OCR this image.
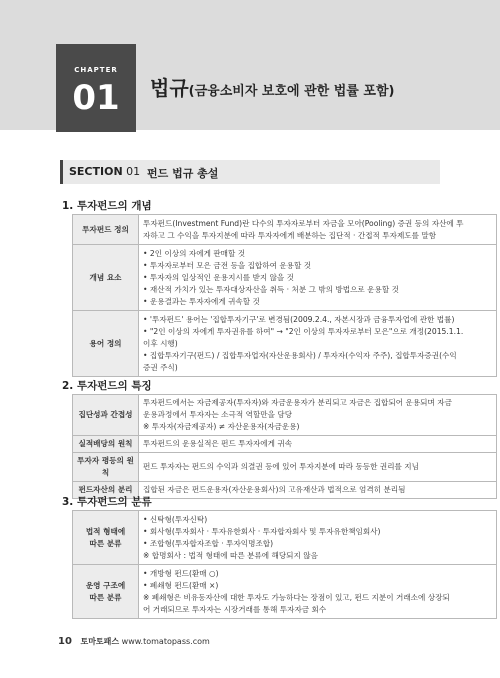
CHAPTER
01	법규(금융소비자 보호에 관한 법률 포함)
SECTION 01 펀드 법규 총설
1. 투자펀드의 개념
투자펀드 정의	투자펀드(Investment Fund)란 다수의 투자자로부터 자금을 모아(Pooling) 증권 등의 자산에 투
자하고 그 수익을 투자지분에 따라 투자자에게 배분하는 집단적 · 간접적 투자제도를 말함

개념 요소	• 2인 이상의 자에게 판매할 것
• 투자자로부터 모은 금전 등을 집합하여 운용할 것
• 투자자의 일상적인 운용지시를 받지 않을 것
• 재산적 가치가 있는 투자대상자산을 취득 · 처분 그 밖의 방법으로 운용할 것
• 운용결과는 투자자에게 귀속할 것

용어 정의	• '투자펀드' 용어는 '집합투자기구'로 변경됨(2009.2.4., 자본시장과 금융투자업에 관한 법률)
• "2인 이상의 자에게 투자권유를 하여" → "2인 이상의 투자자로부터 모은"으로 개정(2015.1.1.
이후 시행)
• 집합투자기구(펀드) / 집합투자업자(자산운용회사) / 투자자(수익자 주주), 집합투자증권(수익
증권 주식)
2. 투자펀드의 특징
집단성과 간접성	투자펀드에서는 자금제공자(투자자)와 자금운용자가 분리되고 자금은 집합되어 운용되며 자금
운용과정에서 투자자는 소극적 역할만을 담당
※ 투자자(자금제공자) ≠ 자산운용자(자금운용)

실적배당의 원칙	투자펀드의 운용실적은 펀드 투자자에게 귀속

투자자 평등의 원칙	펀드 투자자는 펀드의 수익과 의결권 등에 있어 투자지분에 따라 동등한 권리를 지님

펀드자산의 분리	집합된 자금은 펀드운용자(자산운용회사)의 고유재산과 법적으로 엄격히 분리됨
3. 투자펀드의 분류
법적 형태에
따른 분류	• 신탁형(투자신탁)
• 회사형(투자회사 · 투자유한회사 · 투자합자회사 및 투자유한책임회사)
• 조합형(투자합자조합 · 투자익명조합)
※ 합명회사 : 법적 형태에 따른 분류에 해당되지 않음

운영 구조에
따른 분류	• 개방형 펀드(환매 ○)
• 폐쇄형 펀드(환매 ×)
※ 폐쇄형은 비유동자산에 대한 투자도 가능하다는 장점이 있고, 펀드 지분이 거래소에 상장되
어 거래되므로 투자자는 시장거래를 통해 투자자금 회수
10 토마토패스 www.tomatopass.com
